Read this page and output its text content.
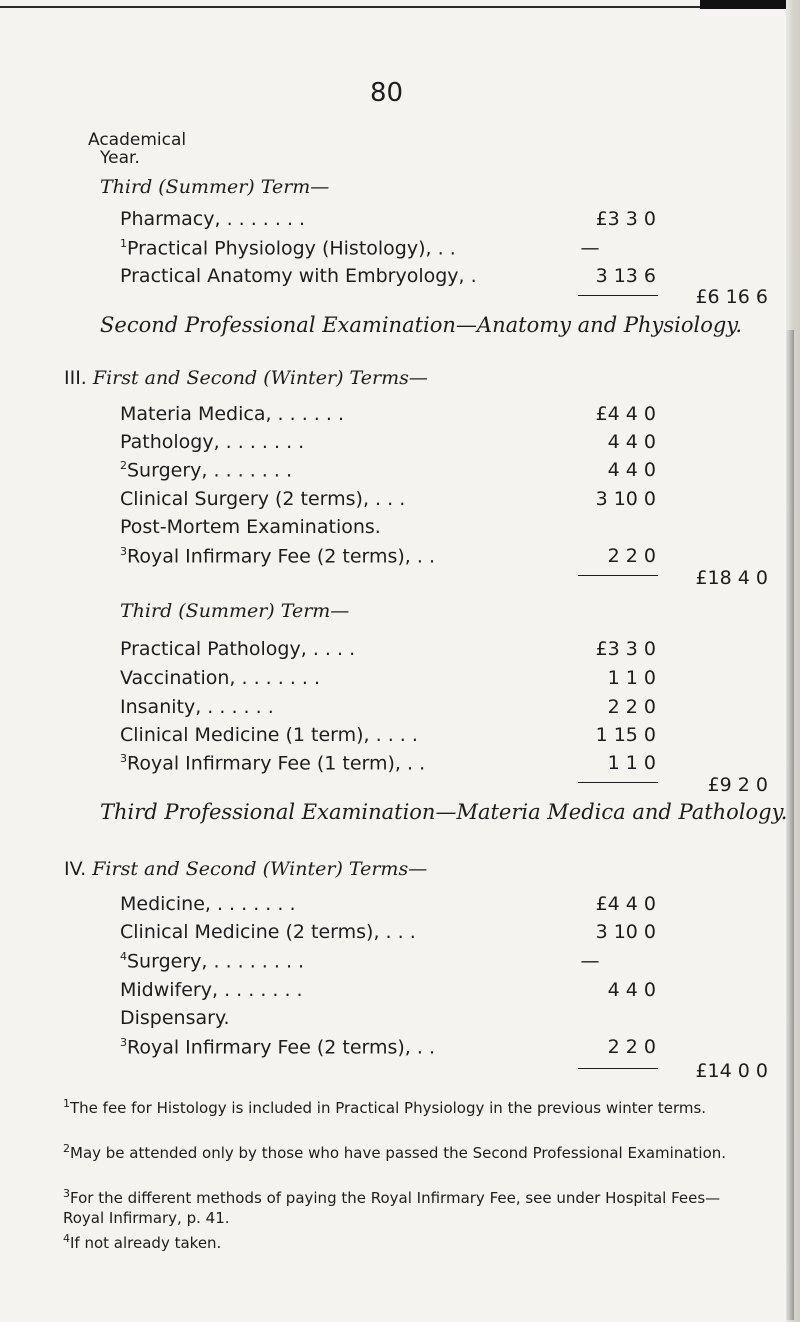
80
Academical
Year.
Third (Summer) Term—
Pharmacy, . . . . . . .	£3 3 0
$^1$Practical Physiology (Histology), . .	—
Practical Anatomy with Embryology, .	3 13 6
£6 16 6
Second Professional Examination—Anatomy and Physiology.
III. First and Second (Winter) Terms—
Materia Medica, . . . . . .	£4 4 0
Pathology, . . . . . . .	4 4 0
$^2$Surgery, . . . . . . .	4 4 0
Clinical Surgery (2 terms), . . .	3 10 0
Post-Mortem Examinations.
$^3$Royal Infirmary Fee (2 terms), . .	2 2 0
£18 4 0
Third (Summer) Term—
Practical Pathology, . . . .	£3 3 0
Vaccination, . . . . . . .	1 1 0
Insanity, . . . . . .	2 2 0
Clinical Medicine (1 term), . . . .	1 15 0
$^3$Royal Infirmary Fee (1 term), . .	1 1 0
£9 2 0
Third Professional Examination—Materia Medica and Pathology.
IV. First and Second (Winter) Terms—
Medicine, . . . . . . .	£4 4 0
Clinical Medicine (2 terms), . . .	3 10 0
$^4$Surgery, . . . . . . . .	—
Midwifery, . . . . . . .	4 4 0
Dispensary.
$^3$Royal Infirmary Fee (2 terms), . .	2 2 0
£14 0 0
$^1$The fee for Histology is included in Practical Physiology in the previous winter terms.
$^2$May be attended only by those who have passed the Second Professional Examination.
$^3$For the different methods of paying the Royal Infirmary Fee, see under Hospital Fees—Royal Infirmary, p. 41.
$^4$If not already taken.
